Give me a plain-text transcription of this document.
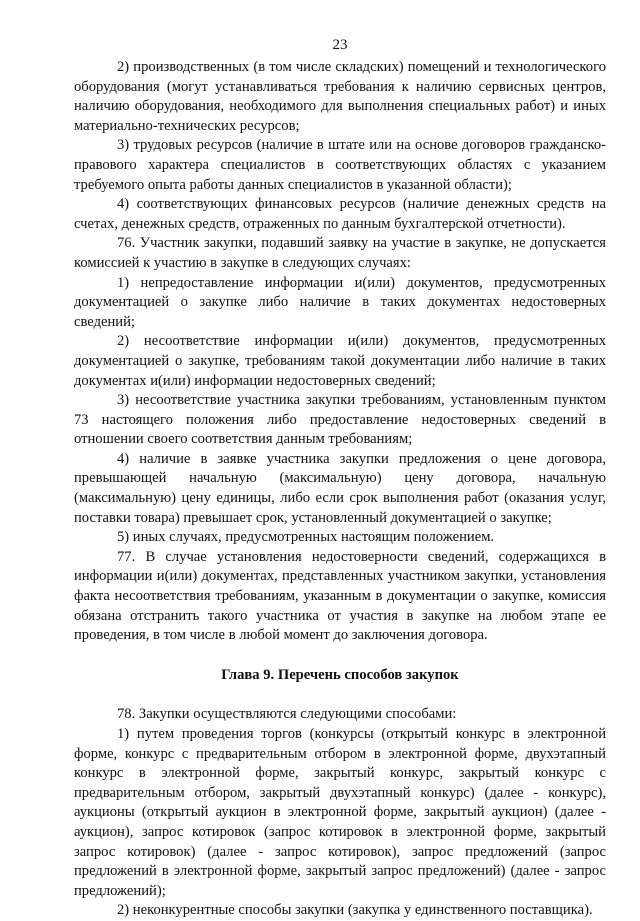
23

2) производственных (в том числе складских) помещений и технологического оборудования (могут устанавливаться требования к наличию сервисных центров, наличию оборудования, необходимого для выполнения специальных работ) и иных материально-технических ресурсов;

3) трудовых ресурсов (наличие в штате или на основе договоров гражданско-правового характера специалистов в соответствующих областях с указанием требуемого опыта работы данных специалистов в указанной области);

4) соответствующих финансовых ресурсов (наличие денежных средств на счетах, денежных средств, отраженных по данным бухгалтерской отчетности).

76. Участник закупки, подавший заявку на участие в закупке, не допускается комиссией к участию в закупке в следующих случаях:

1) непредоставление информации и(или) документов, предусмотренных документацией о закупке либо наличие в таких документах недостоверных сведений;

2) несоответствие информации и(или) документов, предусмотренных документацией о закупке, требованиям такой документации либо наличие в таких документах и(или) информации недостоверных сведений;

3) несоответствие участника закупки требованиям, установленным пунктом 73 настоящего положения либо предоставление недостоверных сведений в отношении своего соответствия данным требованиям;

4) наличие в заявке участника закупки предложения о цене договора, превышающей начальную (максимальную) цену договора, начальную (максимальную) цену единицы, либо если срок выполнения работ (оказания услуг, поставки товара) превышает срок, установленный документацией о закупке;

5) иных случаях, предусмотренных настоящим положением.

77. В случае установления недостоверности сведений, содержащихся в информации и(или) документах, представленных участником закупки, установления факта несоответствия требованиям, указанным в документации о закупке, комиссия обязана отстранить такого участника от участия в закупке на любом этапе ее проведения, в том числе в любой момент до заключения договора.

Глава 9. Перечень способов закупок

78. Закупки осуществляются следующими способами:

1) путем проведения торгов (конкурсы (открытый конкурс в электронной форме, конкурс с предварительным отбором в электронной форме, двухэтапный конкурс в электронной форме, закрытый конкурс, закрытый конкурс с предварительным отбором, закрытый двухэтапный конкурс) (далее - конкурс), аукционы (открытый аукцион в электронной форме, закрытый аукцион) (далее - аукцион), запрос котировок (запрос котировок в электронной форме, закрытый запрос котировок) (далее - запрос котировок), запрос предложений (запрос предложений в электронной форме, закрытый запрос предложений) (далее - запрос предложений);

2) неконкурентные способы закупки (закупка у единственного поставщика).
